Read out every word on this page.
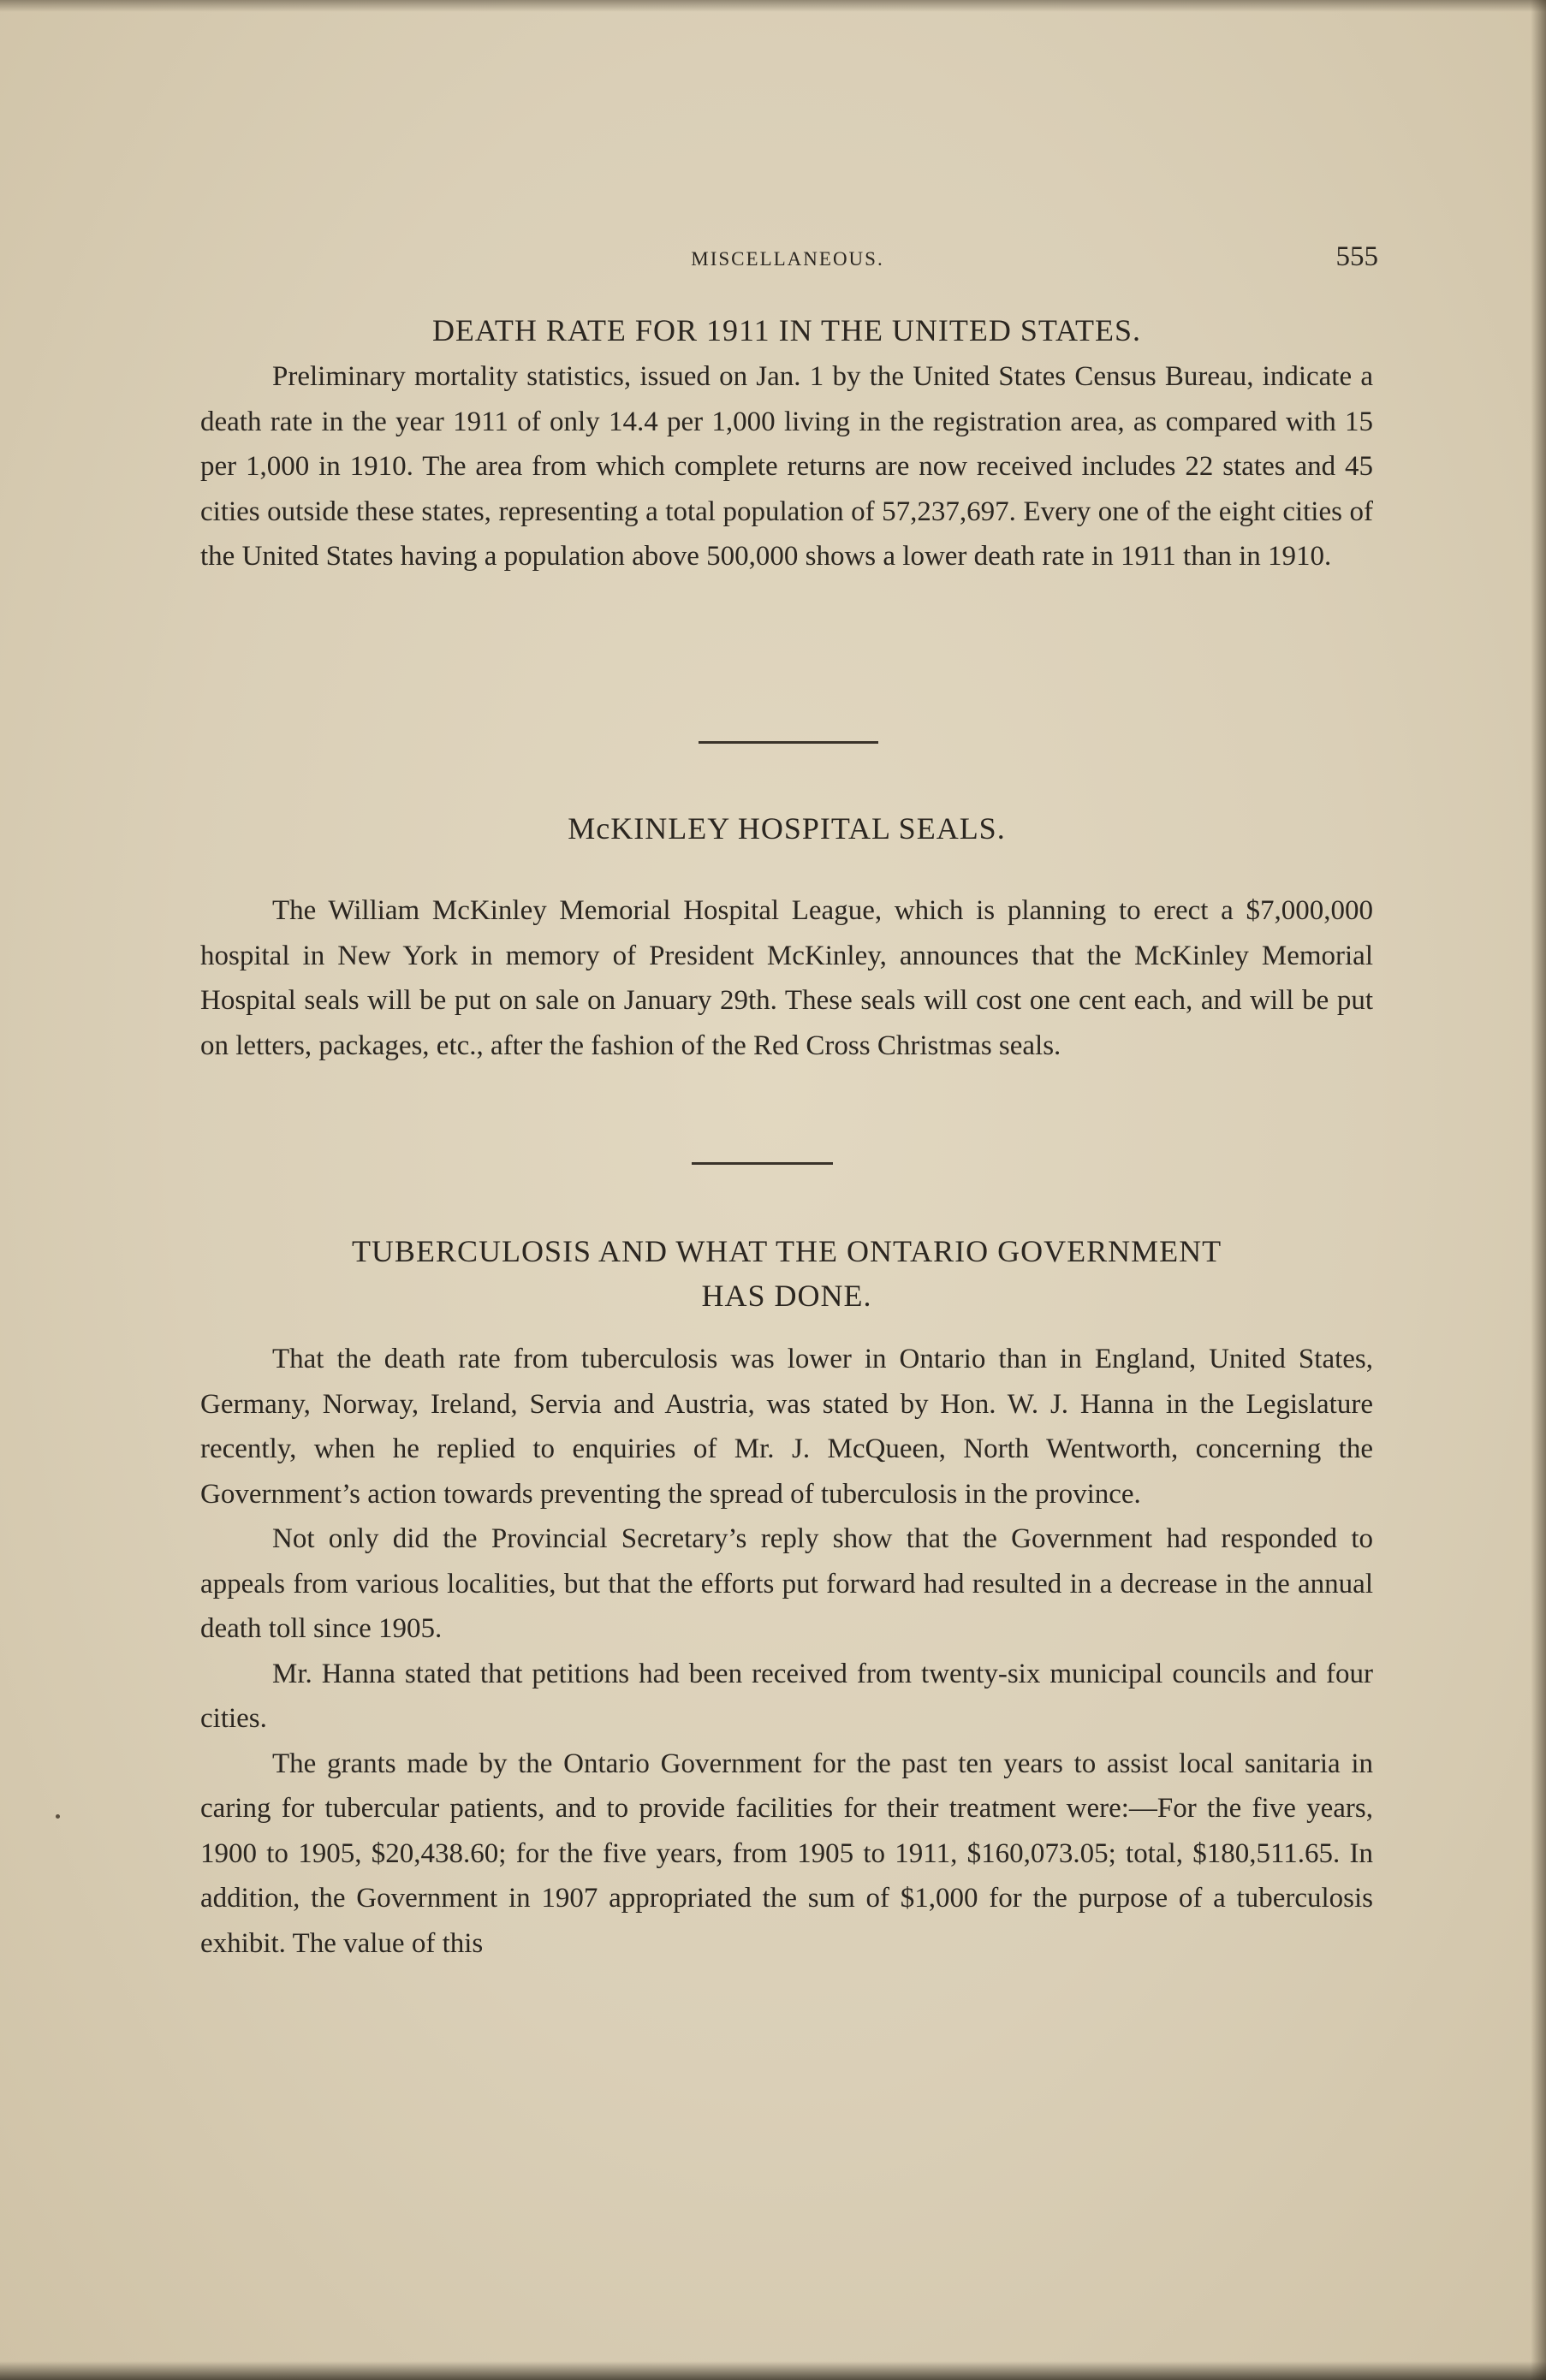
MISCELLANEOUS.	555
DEATH RATE FOR 1911 IN THE UNITED STATES.

Preliminary mortality statistics, issued on Jan. 1 by the United States Census Bureau, indicate a death rate in the year 1911 of only 14.4 per 1,000 living in the registration area, as compared with 15 per 1,000 in 1910. The area from which complete returns are now received includes 22 states and 45 cities outside these states, representing a total population of 57,237,697. Every one of the eight cities of the United States having a population above 500,000 shows a lower death rate in 1911 than in 1910.

McKINLEY HOSPITAL SEALS.

The William McKinley Memorial Hospital League, which is planning to erect a $7,000,000 hospital in New York in memory of President McKinley, announces that the McKinley Memorial Hospital seals will be put on sale on January 29th. These seals will cost one cent each, and will be put on letters, packages, etc., after the fashion of the Red Cross Christmas seals.

TUBERCULOSIS AND WHAT THE ONTARIO GOVERNMENT
HAS DONE.

That the death rate from tuberculosis was lower in Ontario than in England, United States, Germany, Norway, Ireland, Servia and Austria, was stated by Hon. W. J. Hanna in the Legislature recently, when he replied to enquiries of Mr. J. McQueen, North Wentworth, concerning the Government’s action towards preventing the spread of tuberculosis in the province.

Not only did the Provincial Secretary’s reply show that the Government had responded to appeals from various localities, but that the efforts put forward had resulted in a decrease in the annual death toll since 1905.

Mr. Hanna stated that petitions had been received from twenty-six municipal councils and four cities.

The grants made by the Ontario Government for the past ten years to assist local sanitaria in caring for tubercular patients, and to provide facilities for their treatment were:—For the five years, 1900 to 1905, $20,438.60; for the five years, from 1905 to 1911, $160,073.05; total, $180,511.65. In addition, the Government in 1907 appropriated the sum of $1,000 for the purpose of a tuberculosis exhibit. The value of this
